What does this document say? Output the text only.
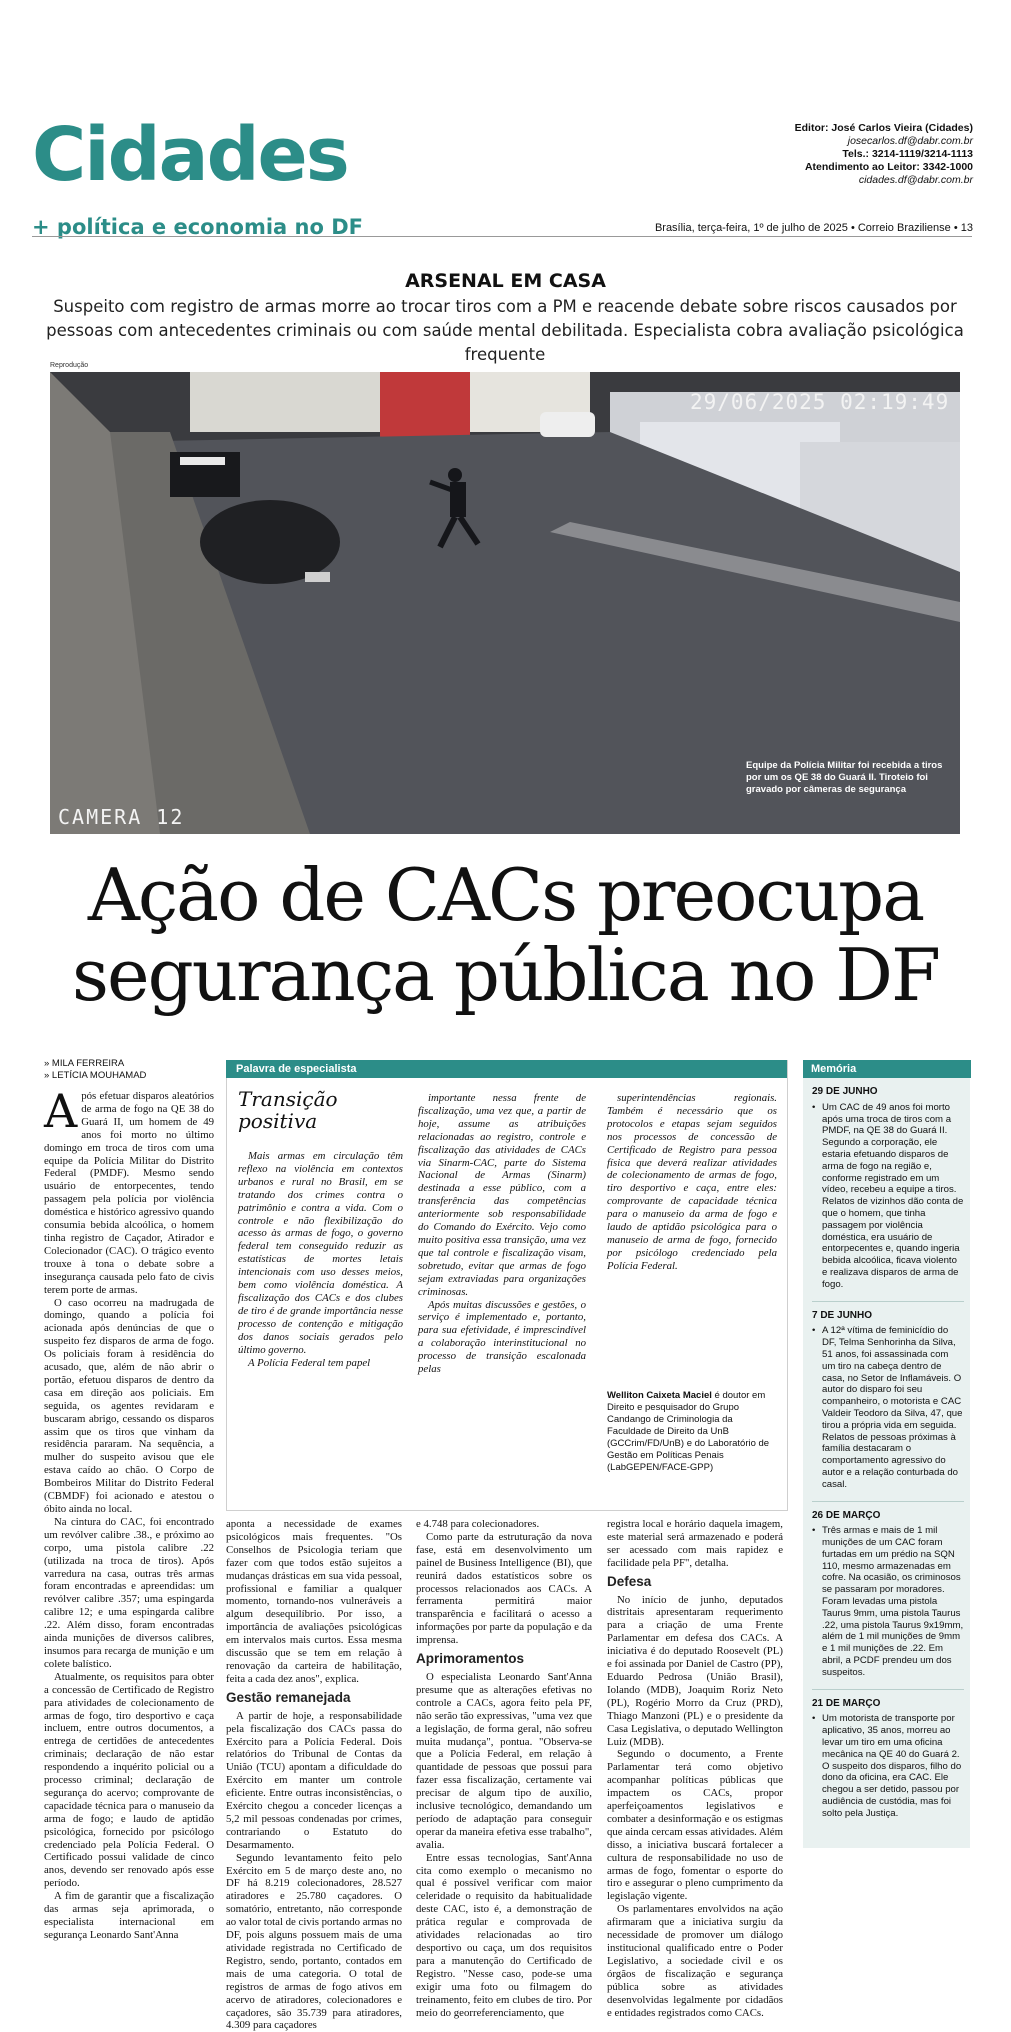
Cidades
+ política e economia no DF
Editor: José Carlos Vieira (Cidades)
josecarlos.df@dabr.com.br
Tels.: 3214-1119/3214-1113
Atendimento ao Leitor: 3342-1000
cidades.df@dabr.com.br
Brasília, terça-feira, 1º de julho de 2025 • Correio Braziliense • 13
ARSENAL EM CASA
Suspeito com registro de armas morre ao trocar tiros com a PM e reacende debate sobre riscos causados por pessoas com antecedentes criminais ou com saúde mental debilitada. Especialista cobra avaliação psicológica frequente
Reprodução
29/06/2025 02:19:49
CAMERA 12
Equipe da Polícia Militar foi recebida a tiros por um os QE 38 do Guará II. Tiroteio foi gravado por câmeras de segurança
Ação de CACs preocupa segurança pública no DF
» MILA FERREIRA
» LETÍCIA MOUHAMAD
A pós efetuar disparos aleatórios de arma de fogo na QE 38 do Guará II, um homem de 49 anos foi morto no último domingo em troca de tiros com uma equipe da Polícia Militar do Distrito Federal (PMDF). Mesmo sendo usuário de entorpecentes, tendo passagem pela polícia por violência doméstica e histórico agressivo quando consumia bebida alcoólica, o homem tinha registro de Caçador, Atirador e Colecionador (CAC). O trágico evento trouxe à tona o debate sobre a insegurança causada pelo fato de civis terem porte de armas.

O caso ocorreu na madrugada de domingo, quando a polícia foi acionada após denúncias de que o suspeito fez disparos de arma de fogo. Os policiais foram à residência do acusado, que, além de não abrir o portão, efetuou disparos de dentro da casa em direção aos policiais. Em seguida, os agentes revidaram e buscaram abrigo, cessando os disparos assim que os tiros que vinham da residência pararam. Na sequência, a mulher do suspeito avisou que ele estava caído ao chão. O Corpo de Bombeiros Militar do Distrito Federal (CBMDF) foi acionado e atestou o óbito ainda no local.

Na cintura do CAC, foi encontrado um revólver calibre .38., e próximo ao corpo, uma pistola calibre .22 (utilizada na troca de tiros). Após varredura na casa, outras três armas foram encontradas e apreendidas: um revólver calibre .357; uma espingarda calibre 12; e uma espingarda calibre .22. Além disso, foram encontradas ainda munições de diversos calibres, insumos para recarga de munição e um colete balístico.

Atualmente, os requisitos para obter a concessão de Certificado de Registro para atividades de colecionamento de armas de fogo, tiro desportivo e caça incluem, entre outros documentos, a entrega de certidões de antecedentes criminais; declaração de não estar respondendo a inquérito policial ou a processo criminal; declaração de segurança do acervo; comprovante de capacidade técnica para o manuseio da arma de fogo; e laudo de aptidão psicológica, fornecido por psicólogo credenciado pela Polícia Federal. O Certificado possui validade de cinco anos, devendo ser renovado após esse período.

A fim de garantir que a fiscalização das armas seja aprimorada, o especialista internacional em segurança Leonardo Sant'Anna

Palavra de especialista
Transição positiva

Mais armas em circulação têm reflexo na violência em contextos urbanos e rural no Brasil, em se tratando dos crimes contra o patrimônio e contra a vida. Com o controle e não flexibilização do acesso às armas de fogo, o governo federal tem conseguido reduzir as estatísticas de mortes letais intencionais com uso desses meios, bem como violência doméstica. A fiscalização dos CACs e dos clubes de tiro é de grande importância nesse processo de contenção e mitigação dos danos sociais gerados pelo último governo.

A Polícia Federal tem papel

importante nessa frente de fiscalização, uma vez que, a partir de hoje, assume as atribuições relacionadas ao registro, controle e fiscalização das atividades de CACs via Sinarm-CAC, parte do Sistema Nacional de Armas (Sinarm) destinada a esse público, com a transferência das competências anteriormente sob responsabilidade do Comando do Exército. Vejo como muito positiva essa transição, uma vez que tal controle e fiscalização visam, sobretudo, evitar que armas de fogo sejam extraviadas para organizações criminosas.

Após muitas discussões e gestões, o serviço é implementado e, portanto, para sua efetividade, é imprescindível a colaboração interinstitucional no processo de transição escalonada pelas

superintendências regionais. Também é necessário que os protocolos e etapas sejam seguidos nos processos de concessão de Certificado de Registro para pessoa física que deverá realizar atividades de colecionamento de armas de fogo, tiro desportivo e caça, entre eles: comprovante de capacidade técnica para o manuseio da arma de fogo e laudo de aptidão psicológica para o manuseio de arma de fogo, fornecido por psicólogo credenciado pela Polícia Federal.

Welliton Caixeta Maciel é doutor em Direito e pesquisador do Grupo Candango de Criminologia da Faculdade de Direito da UnB (GCCrim/FD/UnB) e do Laboratório de Gestão em Políticas Penais (LabGEPEN/FACE-GPP)

aponta a necessidade de exames psicológicos mais frequentes. "Os Conselhos de Psicologia teriam que fazer com que todos estão sujeitos a mudanças drásticas em sua vida pessoal, profissional e familiar a qualquer momento, tornando-nos vulneráveis a algum desequilíbrio. Por isso, a importância de avaliações psicológicas em intervalos mais curtos. Essa mesma discussão que se tem em relação à renovação da carteira de habilitação, feita a cada dez anos", explica.

Gestão remanejada

A partir de hoje, a responsabilidade pela fiscalização dos CACs passa do Exército para a Polícia Federal. Dois relatórios do Tribunal de Contas da União (TCU) apontam a dificuldade do Exército em manter um controle eficiente. Entre outras inconsistências, o Exército chegou a conceder licenças a 5,2 mil pessoas condenadas por crimes, contrariando o Estatuto do Desarmamento.

Segundo levantamento feito pelo Exército em 5 de março deste ano, no DF há 8.219 colecionadores, 28.527 atiradores e 25.780 caçadores. O somatório, entretanto, não corresponde ao valor total de civis portando armas no DF, pois alguns possuem mais de uma atividade registrada no Certificado de Registro, sendo, portanto, contados em mais de uma categoria. O total de registros de armas de fogo ativos em acervo de atiradores, colecionadores e caçadores, são 35.739 para atiradores, 4.309 para caçadores

e 4.748 para colecionadores.

Como parte da estruturação da nova fase, está em desenvolvimento um painel de Business Intelligence (BI), que reunirá dados estatísticos sobre os processos relacionados aos CACs. A ferramenta permitirá maior transparência e facilitará o acesso a informações por parte da população e da imprensa.

Aprimoramentos

O especialista Leonardo Sant'Anna presume que as alterações efetivas no controle a CACs, agora feito pela PF, não serão tão expressivas, "uma vez que a legislação, de forma geral, não sofreu muita mudança", pontua. "Observa-se que a Polícia Federal, em relação à quantidade de pessoas que possui para fazer essa fiscalização, certamente vai precisar de algum tipo de auxílio, inclusive tecnológico, demandando um período de adaptação para conseguir operar da maneira efetiva esse trabalho", avalia.

Entre essas tecnologias, Sant'Anna cita como exemplo o mecanismo no qual é possível verificar com maior celeridade o requisito da habitualidade deste CAC, isto é, a demonstração de prática regular e comprovada de atividades relacionadas ao tiro desportivo ou caça, um dos requisitos para a manutenção do Certificado de Registro. "Nesse caso, pode-se uma exigir uma foto ou filmagem do treinamento, feito em clubes de tiro. Por meio do georreferenciamento, que

registra local e horário daquela imagem, este material será armazenado e poderá ser acessado com mais rapidez e facilidade pela PF", detalha.

Defesa

No início de junho, deputados distritais apresentaram requerimento para a criação de uma Frente Parlamentar em defesa dos CACs. A iniciativa é do deputado Roosevelt (PL) e foi assinada por Daniel de Castro (PP), Eduardo Pedrosa (União Brasil), Iolando (MDB), Joaquim Roriz Neto (PL), Rogério Morro da Cruz (PRD), Thiago Manzoni (PL) e o presidente da Casa Legislativa, o deputado Wellington Luiz (MDB).

Segundo o documento, a Frente Parlamentar terá como objetivo acompanhar políticas públicas que impactem os CACs, propor aperfeiçoamentos legislativos e combater a desinformação e os estigmas que ainda cercam essas atividades. Além disso, a iniciativa buscará fortalecer a cultura de responsabilidade no uso de armas de fogo, fomentar o esporte do tiro e assegurar o pleno cumprimento da legislação vigente.

Os parlamentares envolvidos na ação afirmaram que a iniciativa surgiu da necessidade de promover um diálogo institucional qualificado entre o Poder Legislativo, a sociedade civil e os órgãos de fiscalização e segurança pública sobre as atividades desenvolvidas legalmente por cidadãos e entidades registrados como CACs.

Memória
29 DE JUNHO
• Um CAC de 49 anos foi morto após uma troca de tiros com a PMDF, na QE 38 do Guará II. Segundo a corporação, ele estaria efetuando disparos de arma de fogo na região e, conforme registrado em um vídeo, recebeu a equipe a tiros. Relatos de vizinhos dão conta de que o homem, que tinha passagem por violência doméstica, era usuário de entorpecentes e, quando ingeria bebida alcoólica, ficava violento e realizava disparos de arma de fogo.
7 DE JUNHO
• A 12ª vítima de feminicídio do DF, Telma Senhorinha da Silva, 51 anos, foi assassinada com um tiro na cabeça dentro de casa, no Setor de Inflamáveis. O autor do disparo foi seu companheiro, o motorista e CAC Valdeir Teodoro da Silva, 47, que tirou a própria vida em seguida. Relatos de pessoas próximas à família destacaram o comportamento agressivo do autor e a relação conturbada do casal.
26 DE MARÇO
• Três armas e mais de 1 mil munições de um CAC foram furtadas em um prédio na SQN 110, mesmo armazenadas em cofre. Na ocasião, os criminosos se passaram por moradores. Foram levadas uma pistola Taurus 9mm, uma pistola Taurus .22, uma pistola Taurus 9x19mm, além de 1 mil munições de 9mm e 1 mil munições de .22. Em abril, a PCDF prendeu um dos suspeitos.
21 DE MARÇO
• Um motorista de transporte por aplicativo, 35 anos, morreu ao levar um tiro em uma oficina mecânica na QE 40 do Guará 2. O suspeito dos disparos, filho do dono da oficina, era CAC. Ele chegou a ser detido, passou por audiência de custódia, mas foi solto pela Justiça.
